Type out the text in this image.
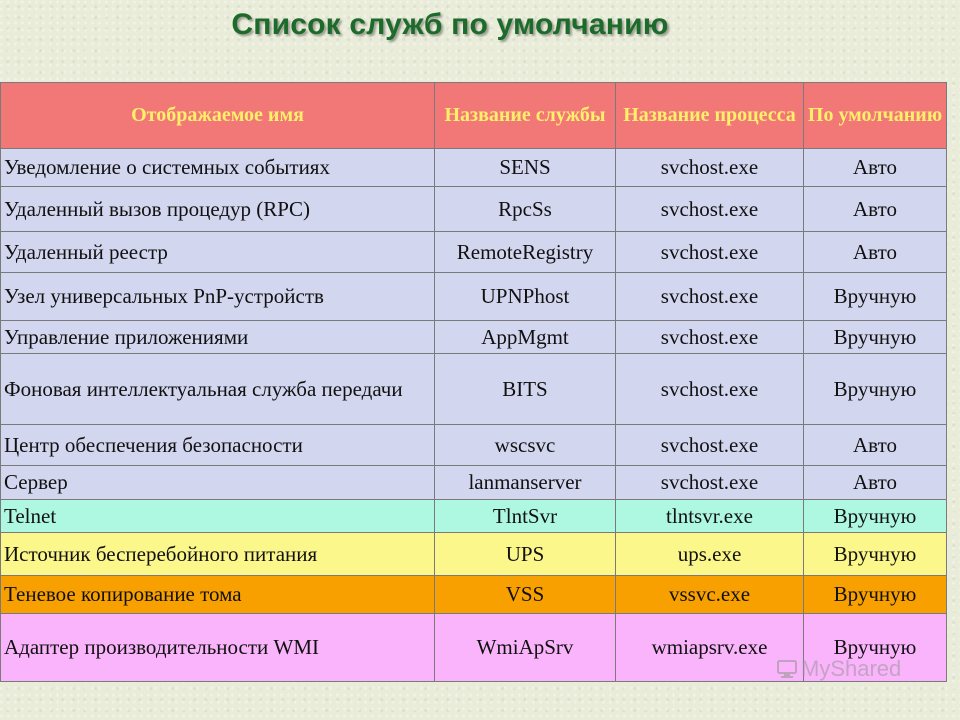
Список служб по умолчанию
Отображаемое имя	Название службы	Название процесса	По умолчанию
Уведомление о системных событиях	SENS	svchost.exe	Авто
Удаленный вызов процедур (RPC)	RpcSs	svchost.exe	Авто
Удаленный реестр	RemoteRegistry	svchost.exe	Авто
Узел универсальных PnP-устройств	UPNPhost	svchost.exe	Вручную
Управление приложениями	AppMgmt	svchost.exe	Вручную
Фоновая интеллектуальная служба передачи	BITS	svchost.exe	Вручную
Центр обеспечения безопасности	wscsvc	svchost.exe	Авто
Сервер	lanmanserver	svchost.exe	Авто
Telnet	TlntSvr	tlntsvr.exe	Вручную
Источник бесперебойного питания	UPS	ups.exe	Вручную
Теневое копирование тома	VSS	vssvc.exe	Вручную
Адаптер производительности WMI	WmiApSrv	wmiapsrv.exe	Вручную
MyShared
